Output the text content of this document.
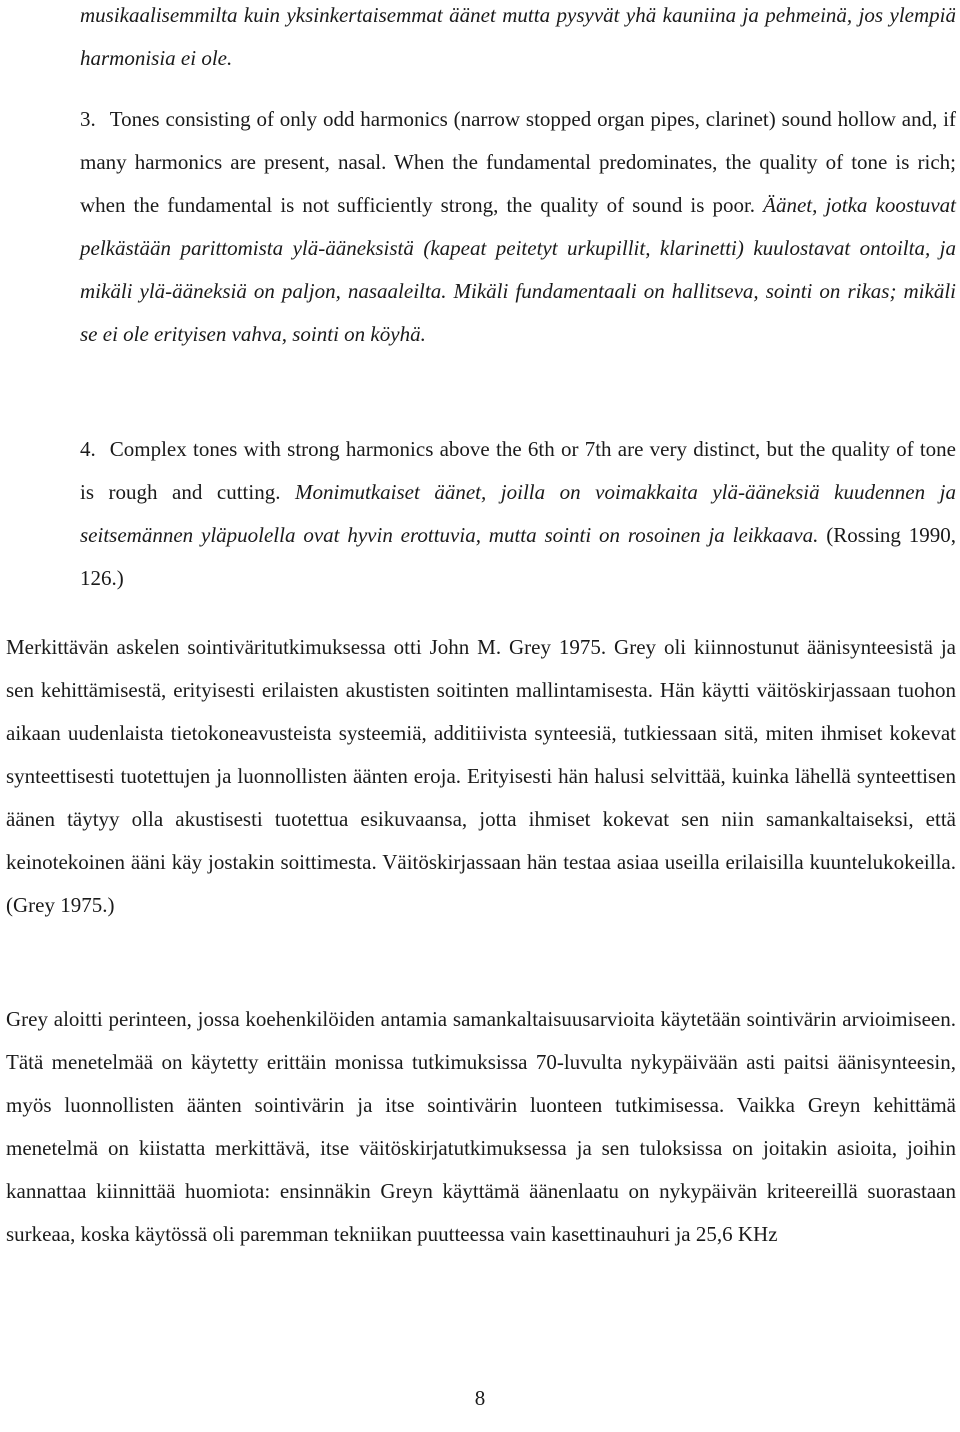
musikaalisemmilta kuin yksinkertaisemmat äänet mutta pysyvät yhä kauniina ja pehmeinä, jos ylempiä harmonisia ei ole.

3. Tones consisting of only odd harmonics (narrow stopped organ pipes, clarinet) sound hollow and, if many harmonics are present, nasal. When the fundamental predominates, the quality of tone is rich; when the fundamental is not sufficiently strong, the quality of sound is poor. Äänet, jotka koostuvat pelkästään parittomista ylä-ääneksistä (kapeat peitetyt urkupillit, klarinetti) kuulostavat ontoilta, ja mikäli ylä-ääneksiä on paljon, nasaaleilta. Mikäli fundamentaali on hallitseva, sointi on rikas; mikäli se ei ole erityisen vahva, sointi on köyhä.

4. Complex tones with strong harmonics above the 6th or 7th are very distinct, but the quality of tone is rough and cutting. Monimutkaiset äänet, joilla on voimakkaita ylä-ääneksiä kuudennen ja seitsemännen yläpuolella ovat hyvin erottuvia, mutta sointi on rosoinen ja leikkaava. (Rossing 1990, 126.)

Merkittävän askelen sointiväritutkimuksessa otti John M. Grey 1975. Grey oli kiinnostunut äänisynteesistä ja sen kehittämisestä, erityisesti erilaisten akustisten soitinten mallintamisesta. Hän käytti väitöskirjassaan tuohon aikaan uudenlaista tietokoneavusteista systeemiä, additiivista synteesiä, tutkiessaan sitä, miten ihmiset kokevat synteettisesti tuotettujen ja luonnollisten äänten eroja. Erityisesti hän halusi selvittää, kuinka lähellä synteettisen äänen täytyy olla akustisesti tuotettua esikuvaansa, jotta ihmiset kokevat sen niin samankaltaiseksi, että keinotekoinen ääni käy jostakin soittimesta. Väitöskirjassaan hän testaa asiaa useilla erilaisilla kuuntelukokeilla. (Grey 1975.)

Grey aloitti perinteen, jossa koehenkilöiden antamia samankaltaisuusarvioita käytetään sointivärin arvioimiseen. Tätä menetelmää on käytetty erittäin monissa tutkimuksissa 70-luvulta nykypäivään asti paitsi äänisynteesin, myös luonnollisten äänten sointivärin ja itse sointivärin luonteen tutkimisessa. Vaikka Greyn kehittämä menetelmä on kiistatta merkittävä, itse väitöskirjatutkimuksessa ja sen tuloksissa on joitakin asioita, joihin kannattaa kiinnittää huomiota: ensinnäkin Greyn käyttämä äänenlaatu on nykypäivän kriteereillä suorastaan surkeaa, koska käytössä oli paremman tekniikan puutteessa vain kasettinauhuri ja 25,6 KHz

8
